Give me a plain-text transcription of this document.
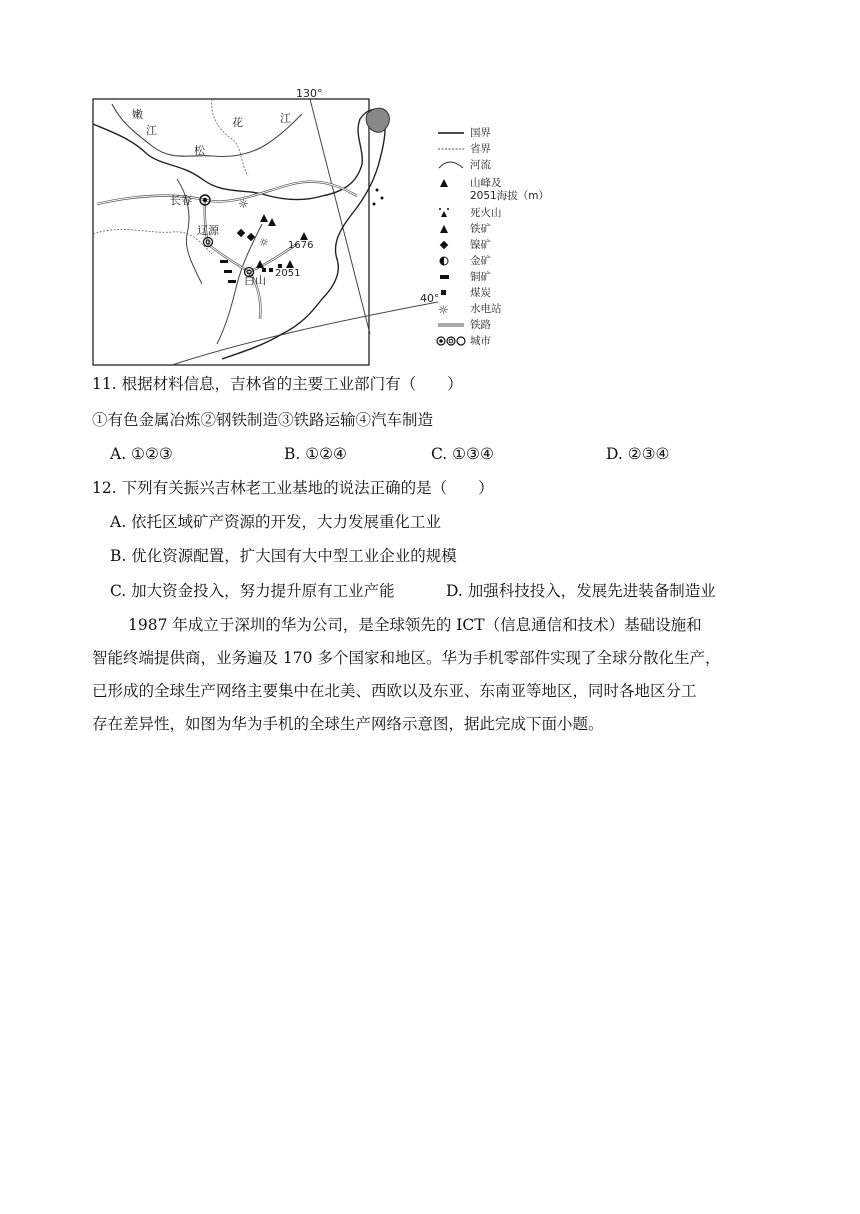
☼
☼
130°
40°
嫩
江
花	江
松
长春
辽源
白山
1676
2051
国界
省界
河流
山峰及
2051海拔（m）
死火山
铁矿
镍矿
金矿
铜矿
煤炭
☼ 水电站
铁路
城市
11. 根据材料信息，吉林省的主要工业部门有（　　）
①有色金属冶炼②钢铁制造③铁路运输④汽车制造
A. ①②③	B. ①②④	C. ①③④	D. ②③④
12. 下列有关振兴吉林老工业基地的说法正确的是（　　）
A. 依托区域矿产资源的开发，大力发展重化工业
B. 优化资源配置，扩大国有大中型工业企业的规模
C. 加大资金投入，努力提升原有工业产能	D. 加强科技投入，发展先进装备制造业
1987 年成立于深圳的华为公司，是全球领先的 ICT（信息通信和技术）基础设施和
智能终端提供商，业务遍及 170 多个国家和地区。华为手机零部件实现了全球分散化生产，
已形成的全球生产网络主要集中在北美、西欧以及东亚、东南亚等地区，同时各地区分工
存在差异性，如图为华为手机的全球生产网络示意图，据此完成下面小题。
